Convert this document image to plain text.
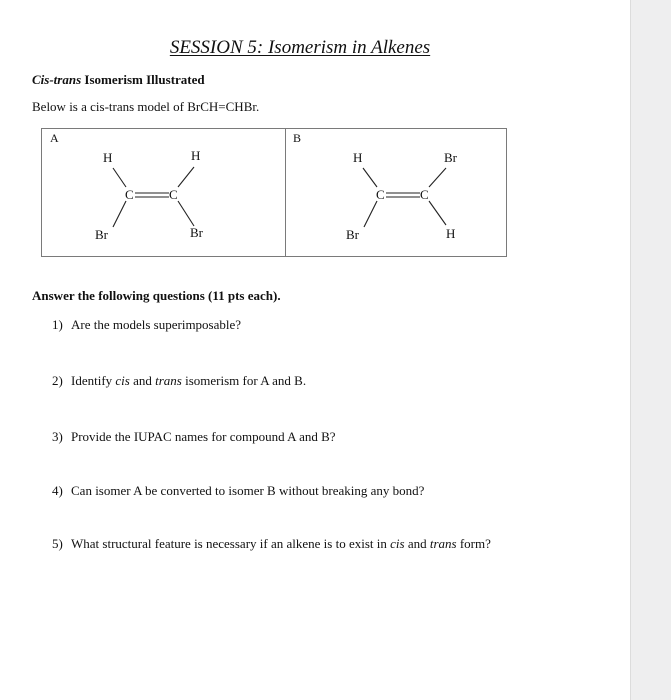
SESSION 5: Isomerism in Alkenes
Cis-trans Isomerism Illustrated
Below is a cis-trans model of BrCH=CHBr.
A
H	H
C	C
Br	Br
B
H	Br
C	C
Br	H
Answer the following questions (11 pts each).
1) Are the models superimposable?
2) Identify cis and trans isomerism for A and B.
3) Provide the IUPAC names for compound A and B?
4) Can isomer A be converted to isomer B without breaking any bond?
5) What structural feature is necessary if an alkene is to exist in cis and trans form?
